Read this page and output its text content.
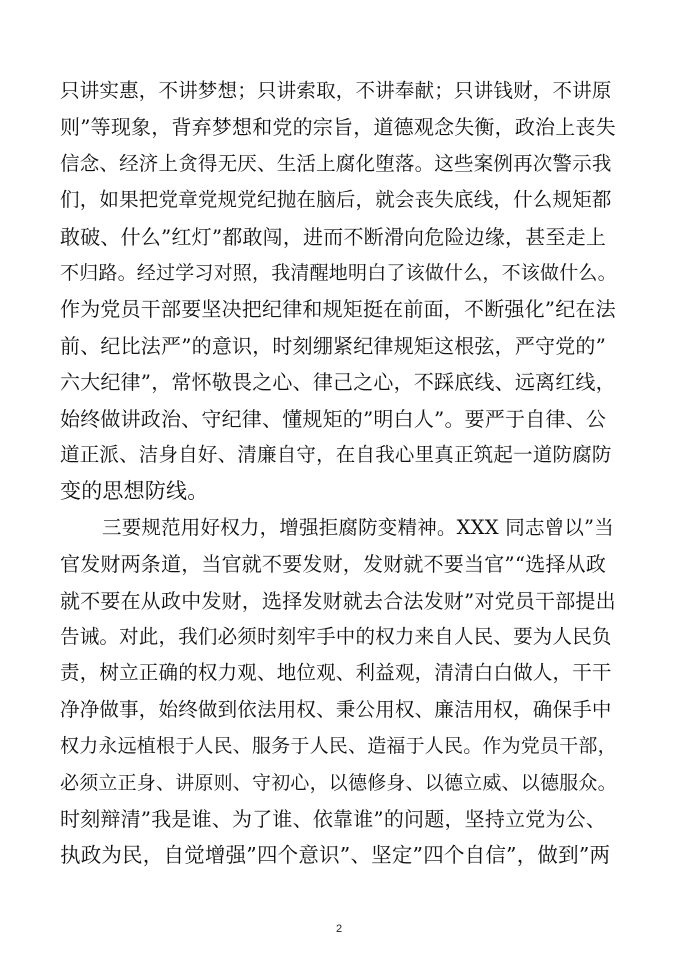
只讲实惠，不讲梦想；只讲索取，不讲奉献；只讲钱财，不讲原
则”等现象，背弃梦想和党的宗旨，道德观念失衡，政治上丧失
信念、经济上贪得无厌、生活上腐化堕落。这些案例再次警示我
们，如果把党章党规党纪抛在脑后，就会丧失底线，什么规矩都
敢破、什么”红灯”都敢闯，进而不断滑向危险边缘，甚至走上
不归路。经过学习对照，我清醒地明白了该做什么，不该做什么。
作为党员干部要坚决把纪律和规矩挺在前面，不断强化”纪在法
前、纪比法严”的意识，时刻绷紧纪律规矩这根弦，严守党的”
六大纪律”，常怀敬畏之心、律己之心，不踩底线、远离红线，
始终做讲政治、守纪律、懂规矩的”明白人”。要严于自律、公
道正派、洁身自好、清廉自守，在自我心里真正筑起一道防腐防
变的思想防线。
三要规范用好权力，增强拒腐防变精神。XXX 同志曾以”当
官发财两条道，当官就不要发财，发财就不要当官”“选择从政
就不要在从政中发财，选择发财就去合法发财”对党员干部提出
告诫。对此，我们必须时刻牢手中的权力来自人民、要为人民负
责，树立正确的权力观、地位观、利益观，清清白白做人，干干
净净做事，始终做到依法用权、秉公用权、廉洁用权，确保手中
权力永远植根于人民、服务于人民、造福于人民。作为党员干部，
必须立正身、讲原则、守初心，以德修身、以德立威、以德服众。
时刻辩清”我是谁、为了谁、依靠谁”的问题，坚持立党为公、
执政为民，自觉增强”四个意识”、坚定”四个自信”，做到”两
2
